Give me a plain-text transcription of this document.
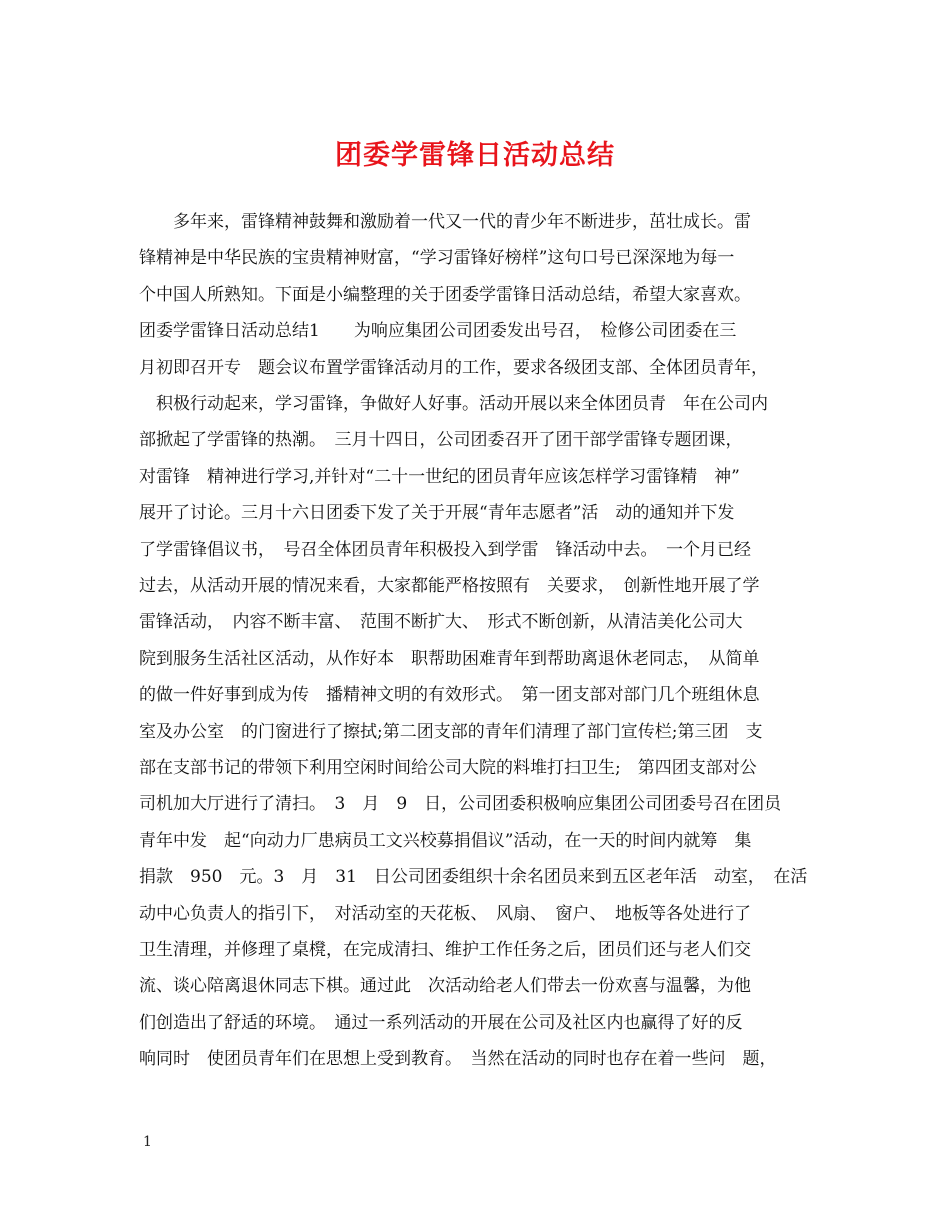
团委学雷锋日活动总结
　　多年来，雷锋精神鼓舞和激励着一代又一代的青少年不断进步，茁壮成长。雷
锋精神是中华民族的宝贵精神财富，“学习雷锋好榜样”这句口号已深深地为每一
个中国人所熟知。下面是小编整理的关于团委学雷锋日活动总结，希望大家喜欢。
团委学雷锋日活动总结1　　为响应集团公司团委发出号召，　检修公司团委在三
月初即召开专　题会议布置学雷锋活动月的工作，要求各级团支部、全体团员青年，
　积极行动起来，学习雷锋，争做好人好事。活动开展以来全体团员青　年在公司内
部掀起了学雷锋的热潮。　三月十四日，公司团委召开了团干部学雷锋专题团课，
对雷锋　精神进行学习,并针对“二十一世纪的团员青年应该怎样学习雷锋精　神”
展开了讨论。三月十六日团委下发了关于开展“青年志愿者”活　动的通知并下发
了学雷锋倡议书，　号召全体团员青年积极投入到学雷　锋活动中去。　一个月已经
过去，从活动开展的情况来看，大家都能严格按照有　关要求，　创新性地开展了学
雷锋活动，　内容不断丰富、　范围不断扩大、　形式不断创新，从清洁美化公司大
院到服务生活社区活动，从作好本　职帮助困难青年到帮助离退休老同志，　从简单
的做一件好事到成为传　播精神文明的有效形式。　第一团支部对部门几个班组休息
室及办公室　的门窗进行了擦拭;第二团支部的青年们清理了部门宣传栏;第三团　支
部在支部书记的带领下利用空闲时间给公司大院的料堆打扫卫生;　第四团支部对公
司机加大厅进行了清扫。　3　月　9　日，公司团委积极响应集团公司团委号召在团员
青年中发　起“向动力厂患病员工文兴校募捐倡议”活动，在一天的时间内就筹　集
捐款　950　元。3　月　31　日公司团委组织十余名团员来到五区老年活　动室，　在活
动中心负责人的指引下，　对活动室的天花板、　风扇、　窗户、　地板等各处进行了
卫生清理，并修理了桌櫈，在完成清扫、维护工作任务之后，团员们还与老人们交
流、谈心陪离退休同志下棋。通过此　次活动给老人们带去一份欢喜与温馨，为他
们创造出了舒适的环境。　通过一系列活动的开展在公司及社区内也赢得了好的反
响同时　使团员青年们在思想上受到教育。　当然在活动的同时也存在着一些问　题，
1
